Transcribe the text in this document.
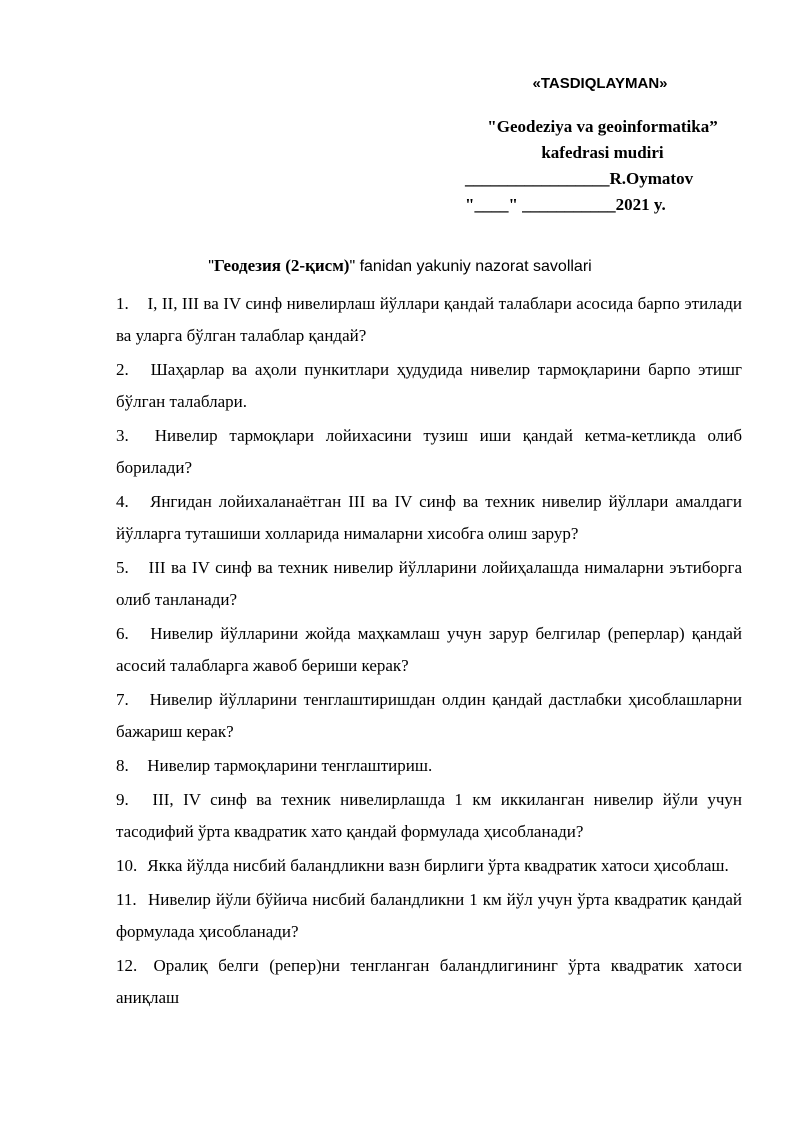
«TASDIQLAYMAN»
"Geodeziya va geoinformatika”
kafedrasi mudiri
_________________R.Oymatov
"____" ___________2021 y.
"Геодезия (2-қисм)" fanidan yakuniy nazorat savollari
1. I, II, III ва IV синф нивелирлаш йўллари қандай талаблари асосида барпо этилади ва уларга бўлган талаблар қандай?
2. Шаҳарлар ва аҳоли пункитлари ҳудудида нивелир тармоқларини барпо этишг бўлган талаблари.
3. Нивелир тармоқлари лойихасини тузиш иши қандай кетма-кетликда олиб борилади?
4. Янгидан лойихаланаётган III ва IV синф ва техник нивелир йўллари амалдаги йўлларга туташиши холларида нималарни хисобга олиш зарур?
5. III ва IV синф ва техник нивелир йўлларини лойиҳалашда нималарни эътиборга олиб танланади?
6. Нивелир йўлларини жойда маҳкамлаш учун зарур белгилар (реперлар) қандай асосий талабларга жавоб бериши керак?
7. Нивелир йўлларини тенглаштиришдан олдин қандай дастлабки ҳисоблашларни бажариш керак?
8. Нивелир тармоқларини тенглаштириш.
9. III, IV синф ва техник нивелирлашда 1 км иккиланган нивелир йўли учун тасодифий ўрта квадратик хато қандай формулада ҳисобланади?
10. Якка йўлда нисбий баландликни вазн бирлиги ўрта квадратик хатоси ҳисоблаш.
11. Нивелир йўли бўйича нисбий баландликни 1 км йўл учун ўрта квадратик қандай формулада ҳисобланади?
12. Оралиқ белги (репер)ни тенгланган баландлигининг ўрта квадратик хатоси аниқлаш
